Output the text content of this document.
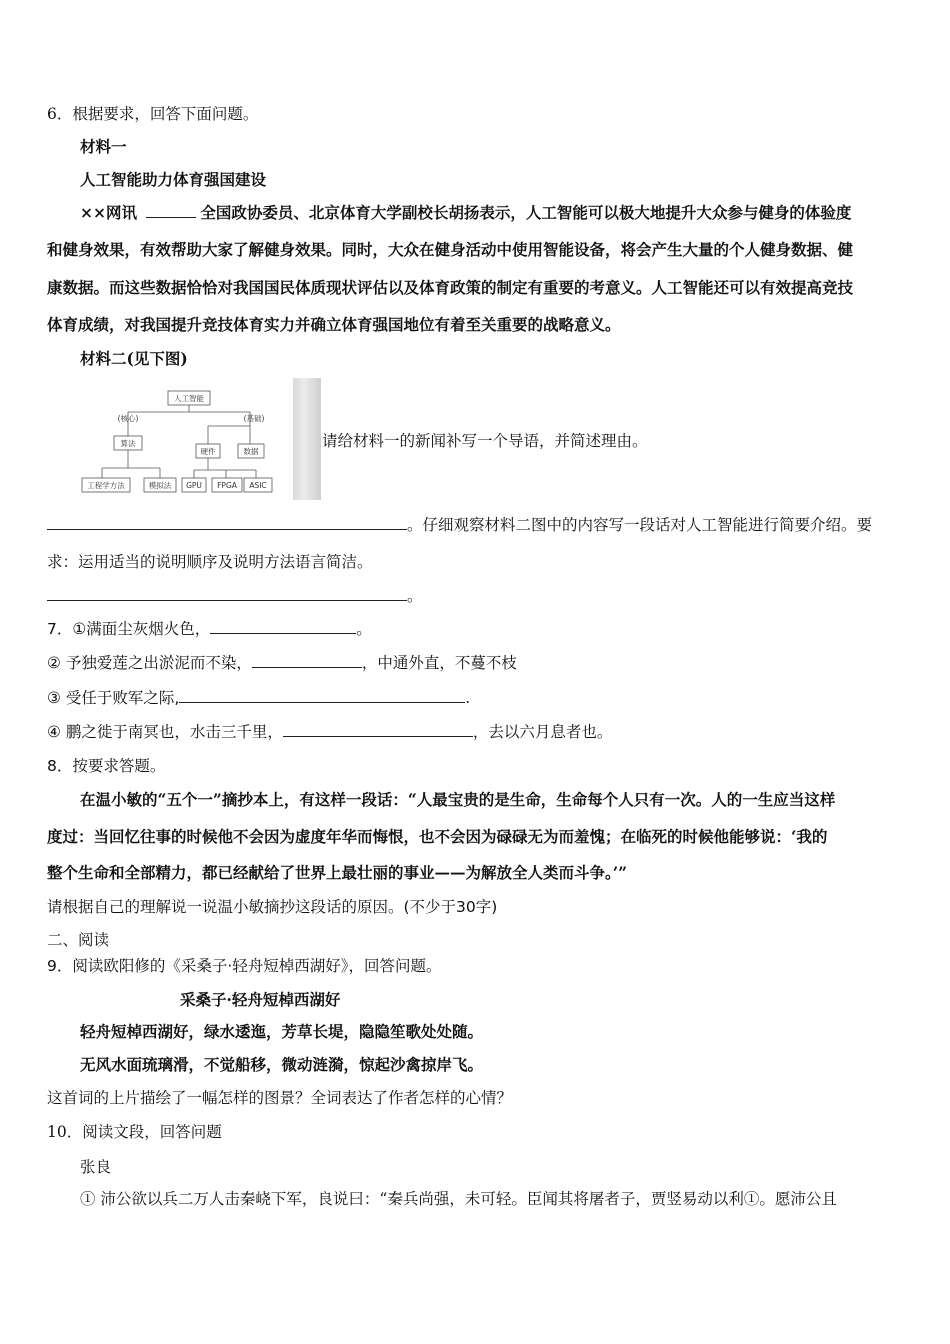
6．根据要求，回答下面问题。
材料一
人工智能助力体育强国建设
××网讯	全国政协委员、北京体育大学副校长胡扬表示，人工智能可以极大地提升大众参与健身的体验度
和健身效果，有效帮助大家了解健身效果。同时，大众在健身活动中使用智能设备，将会产生大量的个人健身数据、健
康数据。而这些数据恰恰对我国国民体质现状评估以及体育政策的制定有重要的考意义。人工智能还可以有效提高竞技
体育成绩，对我国提升竞技体育实力并确立体育强国地位有着至关重要的战略意义。
材料二(见下图)
人工智能
(核心)	(基础)
算法
硬件	数据
工程学方法	模拟法 GPU FPGA ASIC
请给材料一的新闻补写一个导语，并简述理由。
。仔细观察材料二图中的内容写一段话对人工智能进行简要介绍。要
求：运用适当的说明顺序及说明方法语言简洁。
。
7．①满面尘灰烟火色，	。
② 予独爱莲之出淤泥而不染，	，中通外直，不蔓不枝
③ 受任于败军之际,	.
④ 鹏之徙于南冥也，水击三千里，	，去以六月息者也。
8．按要求答题。
在温小敏的“五个一”摘抄本上，有这样一段话：“人最宝贵的是生命，生命每个人只有一次。人的一生应当这样
度过：当回忆往事的时候他不会因为虚度年华而悔恨，也不会因为碌碌无为而羞愧；在临死的时候他能够说：‘我的
整个生命和全部精力，都已经献给了世界上最壮丽的事业——为解放全人类而斗争。’”
请根据自己的理解说一说温小敏摘抄这段话的原因。(不少于30字)
二、阅读
9．阅读欧阳修的《采桑子·轻舟短棹西湖好》，回答问题。
采桑子·轻舟短棹西湖好
轻舟短棹西湖好，绿水逶迤，芳草长堤，隐隐笙歌处处随。
无风水面琉璃滑，不觉船移，微动涟漪，惊起沙禽掠岸飞。
这首词的上片描绘了一幅怎样的图景？全词表达了作者怎样的心情？
10．阅读文段，回答问题
张良
① 沛公欲以兵二万人击秦峣下军，良说曰：“秦兵尚强，未可轻。臣闻其将屠者子，贾竖易动以利①。愿沛公且
